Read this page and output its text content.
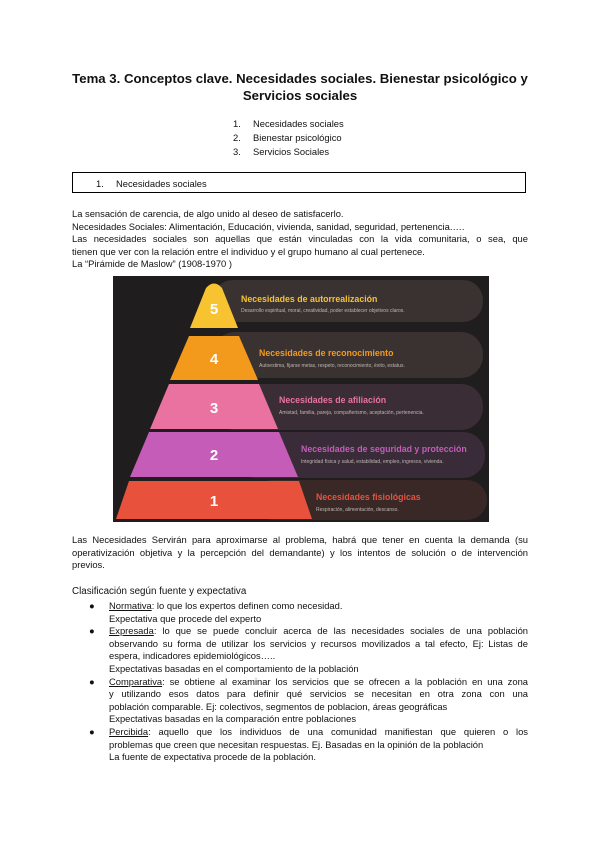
Tema 3. Conceptos clave. Necesidades sociales. Bienestar psicológico y
Servicios sociales
1.	Necesidades sociales
2.	Bienestar psicológico
3.	Servicios Sociales
1. Necesidades sociales
La sensación de carencia, de algo unido al deseo de satisfacerlo.
Necesidades Sociales: Alimentación, Educación, vivienda, sanidad, seguridad, pertenencia.….
Las necesidades sociales son aquellas que están vinculadas con la vida comunitaria, o sea, que
tienen que ver con la relación entre el individuo y el grupo humano al cual pertenece.
La “Pirámide de Maslow” (1908-1970 )
5
4
3
2
1
Necesidades de autorrealización
Desarrollo espiritual, moral, creatividad, poder establecer objetivos claros.
Necesidades de reconocimiento
Autoestima, fijarse metas, respeto, reconocimiento, éxito, estatus.
Necesidades de afiliación
Amistad, familia, pareja, compañerismo, aceptación, pertenencia.
Necesidades de seguridad y protección
Integridad física y salud, estabilidad, empleo, ingresos, vivienda.
Necesidades fisiológicas
Respiración, alimentación, descanso.
Las Necesidades Servirán para aproximarse al problema, habrá que tener en cuenta la demanda (su
operativización objetiva y la percepción del demandante) y los intentos de solución o de intervención
previos.
Clasificación según fuente y expectativa
● Normativa: lo que los expertos definen como necesidad.
Expectativa que procede del experto
● Expresada: lo que se puede concluir acerca de las necesidades sociales de una población
observando su forma de utilizar los servicios y recursos movilizados a tal efecto, Ej: Listas de
espera, indicadores epidemiológicos…..
Expectativas basadas en el comportamiento de la población
● Comparativa: se obtiene al examinar los servicios que se ofrecen a la población en una zona
y utilizando esos datos para definir qué servicios se necesitan en otra zona con una
población comparable. Ej: colectivos, segmentos de poblacion, áreas geográficas
Expectativas basadas en la comparación entre poblaciones
● Percibida: aquello que los individuos de una comunidad manifiestan que quieren o los
problemas que creen que necesitan respuestas. Ej. Basadas en la opinión de la población
La fuente de expectativa procede de la población.
